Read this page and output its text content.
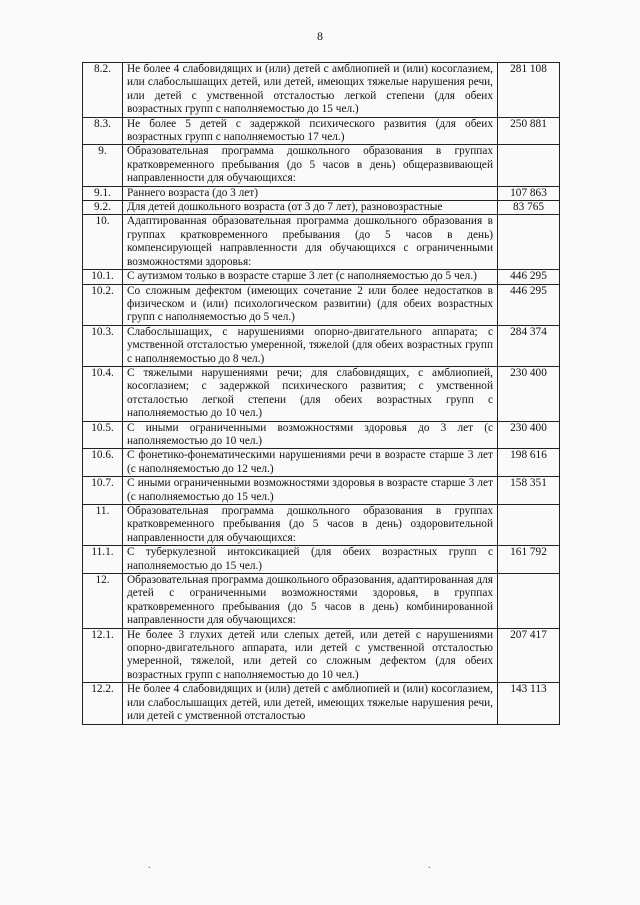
8
8.2.	Не более 4 слабовидящих и (или) детей с амблиопией и (или) косоглазием, или слабослышащих детей, или детей, имеющих тяжелые нарушения речи, или детей с умственной отсталостью легкой степени (для обеих возрастных групп с наполняемостью до 15 чел.)	281 108
8.3.	Не более 5 детей с задержкой психического развития (для обеих возрастных групп с наполняемостью 17 чел.)	250 881
9.	Образовательная программа дошкольного образования в группах кратковременного пребывания (до 5 часов в день) общеразвивающей направленности для обучающихся:	
9.1.	Раннего возраста (до 3 лет)	107 863
9.2.	Для детей дошкольного возраста (от 3 до 7 лет), разновозрастные	83 765
10.	Адаптированная образовательная программа дошкольного образования в группах кратковременного пребывания (до 5 часов в день) компенсирующей направленности для обучающихся с ограниченными возможностями здоровья:	
10.1.	С аутизмом только в возрасте старше 3 лет (с наполняемостью до 5 чел.)	446 295
10.2.	Со сложным дефектом (имеющих сочетание 2 или более недостатков в физическом и (или) психологическом развитии) (для обеих возрастных групп с наполняемостью до 5 чел.)	446 295
10.3.	Слабослышащих, с нарушениями опорно-двигательного аппарата; с умственной отсталостью умеренной, тяжелой (для обеих возрастных групп с наполняемостью до 8 чел.)	284 374
10.4.	С тяжелыми нарушениями речи; для слабовидящих, с амблиопией, косоглазием; с задержкой психического развития; с умственной отсталостью легкой степени (для обеих возрастных групп с наполняемостью до 10 чел.)	230 400
10.5.	С иными ограниченными возможностями здоровья до 3 лет (с наполняемостью до 10 чел.)	230 400
10.6.	С фонетико-фонематическими нарушениями речи в возрасте старше 3 лет (с наполняемостью до 12 чел.)	198 616
10.7.	С иными ограниченными возможностями здоровья в возрасте старше 3 лет (с наполняемостью до 15 чел.)	158 351
11.	Образовательная программа дошкольного образования в группах кратковременного пребывания (до 5 часов в день) оздоровительной направленности для обучающихся:	
11.1.	С туберкулезной интоксикацией (для обеих возрастных групп с наполняемостью до 15 чел.)	161 792
12.	Образовательная программа дошкольного образования, адаптированная для детей с ограниченными возможностями здоровья, в группах кратковременного пребывания (до 5 часов в день) комбинированной направленности для обучающихся:	
12.1.	Не более 3 глухих детей или слепых детей, или детей с нарушениями опорно-двигательного аппарата, или детей с умственной отсталостью умеренной, тяжелой, или детей со сложным дефектом (для обеих возрастных групп с наполняемостью до 10 чел.)	207 417
12.2.	Не более 4 слабовидящих и (или) детей с амблиопией и (или) косоглазием, или слабослышащих детей, или детей, имеющих тяжелые нарушения речи, или детей с умственной отсталостью	143 113
.	.
